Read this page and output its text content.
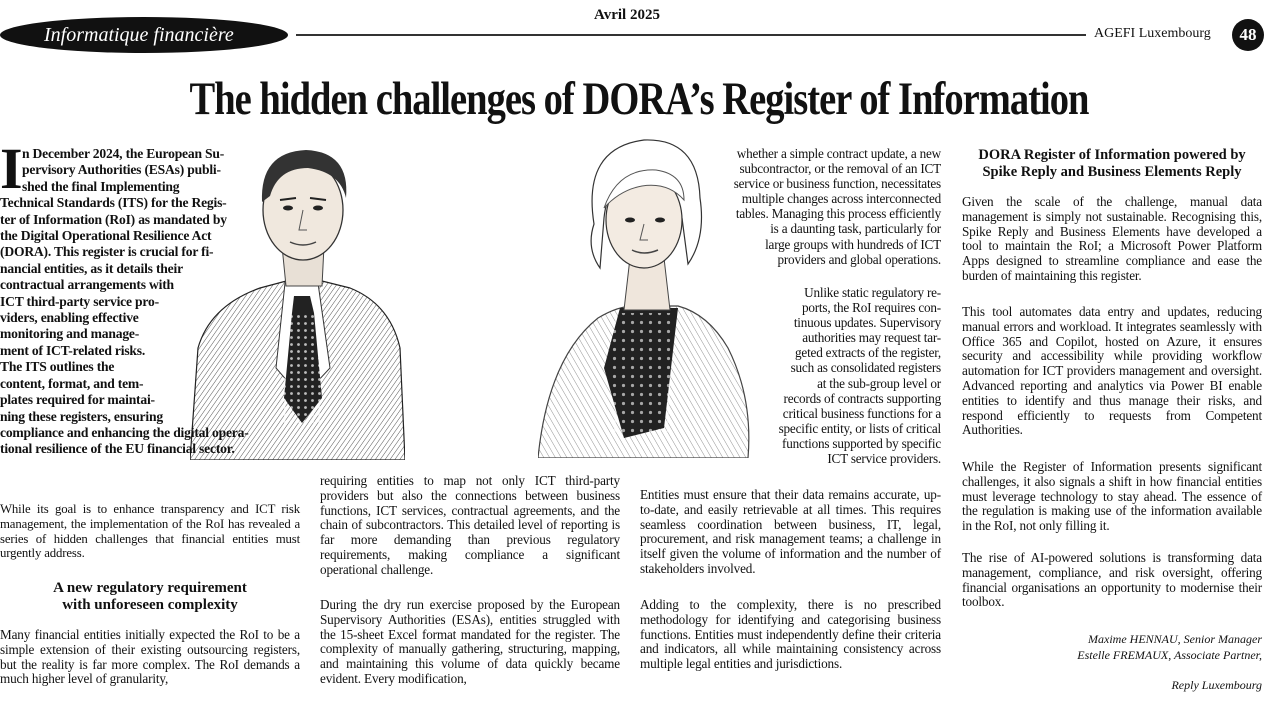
Informatique financière
Avril 2025
AGEFI Luxembourg	48
The hidden challenges of DORA’s Register of Information
I n December 2024, the European Su-
pervisory Authorities (ESAs) publi-
shed the final Implementing
Technical Standards (ITS) for the Regis-
ter of Information (RoI) as mandated by
the Digital Operational Resilience Act
(DORA). This register is crucial for fi-
nancial entities, as it details their
contractual arrangements with
ICT third-party service pro-
viders, enabling effective
monitoring and manage-
ment of ICT-related risks.
The ITS outlines the
content, format, and tem-
plates required for maintai-
ning these registers, ensuring
compliance and enhancing the digital opera-
tional resilience of the EU financial sector.

While its goal is to enhance transparency and ICT risk management, the implementation of the RoI has revealed a series of hidden challenges that financial entities must urgently address.

A new regulatory requirement
with unforeseen complexity

Many financial entities initially expected the RoI to be a simple extension of their existing outsourcing registers, but the reality is far more complex. The RoI demands a much higher level of granularity,

requiring entities to map not only ICT third-party providers but also the connections between business functions, ICT services, contractual agreements, and the chain of subcontractors. This detailed level of reporting is far more demanding than previous regulatory requirements, making compliance a significant operational challenge.

During the dry run exercise proposed by the European Supervisory Authorities (ESAs), entities struggled with the 15-sheet Excel format mandated for the register. The complexity of manually gathering, structuring, mapping, and maintaining this volume of data quickly became evident. Every modification,

whether a simple contract update, a new
subcontractor, or the removal of an ICT
service or business function, necessitates
multiple changes across interconnected
tables. Managing this process efficiently
is a daunting task, particularly for
large groups with hundreds of ICT
providers and global operations.
Unlike static regulatory re-
ports, the RoI requires con-
tinuous updates. Supervisory
authorities may request tar-
geted extracts of the register,
such as consolidated registers
at the sub-group level or
records of contracts supporting
critical business functions for a
specific entity, or lists of critical
functions supported by specific
ICT service providers.

Entities must ensure that their data remains accurate, up-to-date, and easily retrievable at all times. This requires seamless coordination between business, IT, legal, procurement, and risk management teams; a challenge in itself given the volume of information and the number of stakeholders involved.

Adding to the complexity, there is no prescribed methodology for identifying and categorising business functions. Entities must independently define their criteria and indicators, all while maintaining consistency across multiple legal entities and jurisdictions.

DORA Register of Information powered by
Spike Reply and Business Elements Reply

Given the scale of the challenge, manual data management is simply not sustainable. Recognising this, Spike Reply and Business Elements have developed a tool to maintain the RoI; a Microsoft Power Platform Apps designed to streamline compliance and ease the burden of maintaining this register.

This tool automates data entry and updates, reducing manual errors and workload. It integrates seamlessly with Office 365 and Copilot, hosted on Azure, it ensures security and accessibility while providing workflow automation for ICT providers management and oversight. Advanced reporting and analytics via Power BI enable entities to identify and thus manage their risks, and respond efficiently to requests from Competent Authorities.

While the Register of Information presents significant challenges, it also signals a shift in how financial entities must leverage technology to stay ahead. The essence of the regulation is making use of the information available in the RoI, not only filling it.

The rise of AI-powered solutions is transforming data management, compliance, and risk oversight, offering financial organisations an opportunity to modernise their toolbox.

Maxime HENNAU, Senior Manager
Estelle FREMAUX, Associate Partner,
Reply Luxembourg
